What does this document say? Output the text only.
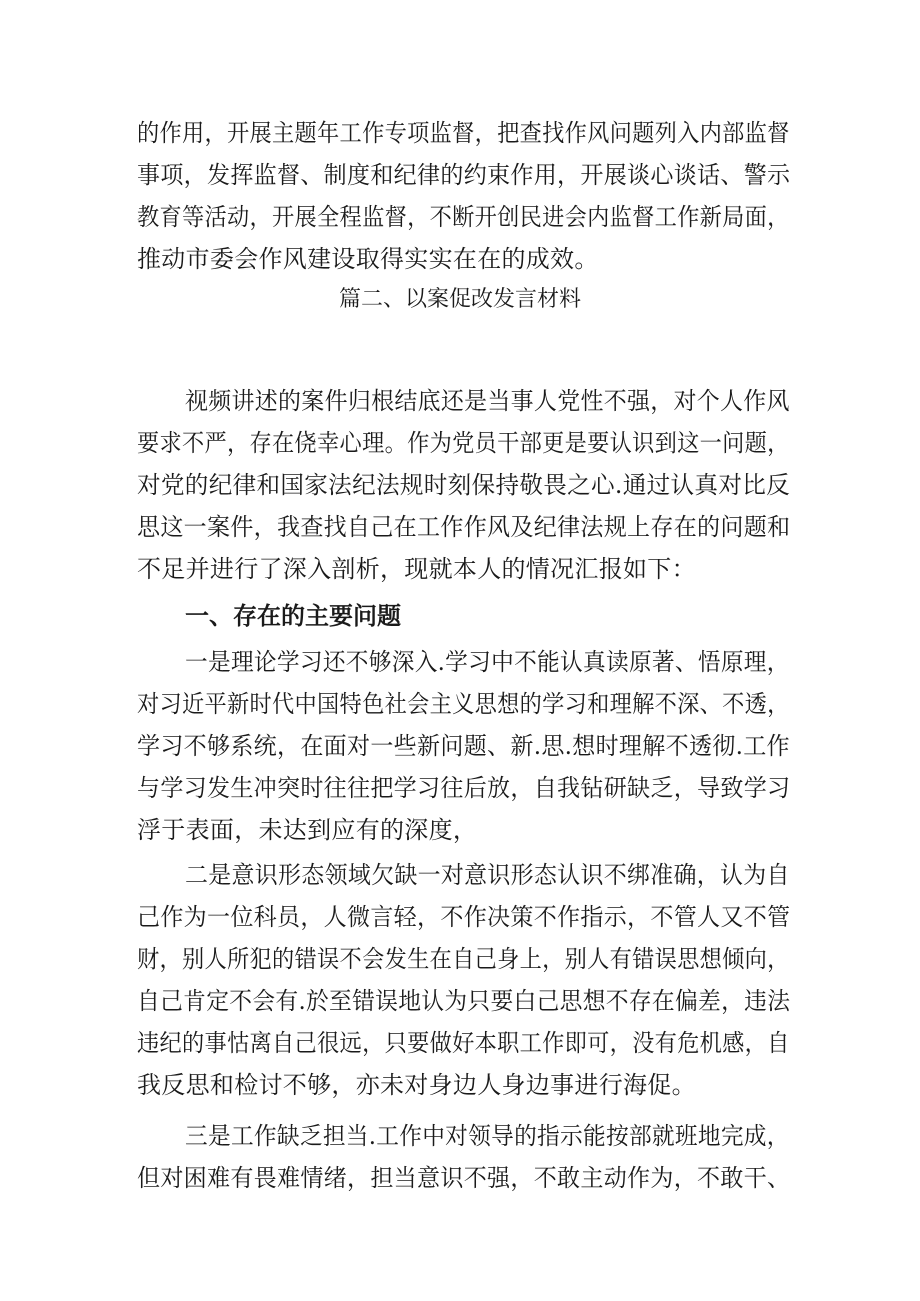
的作用，开展主题年工作专项监督，把查找作风问题列入内部监督
事项，发挥监督、制度和纪律的约束作用，开展谈心谈话、警示
教育等活动，开展全程监督，不断开创民进会内监督工作新局面，
推动市委会作风建设取得实实在在的成效。
篇二、以案促改发言材料
视频讲述的案件归根结底还是当事人党性不强，对个人作风
要求不严，存在侥幸心理。作为党员干部更是要认识到这一问题，
对党的纪律和国家法纪法规时刻保持敬畏之心.通过认真对比反
思这一案件，我查找自己在工作作风及纪律法规上存在的问题和
不足并进行了深入剖析，现就本人的情况汇报如下：
一、存在的主要问题
一是理论学习还不够深入.学习中不能认真读原著、悟原理，
对习近平新时代中国特色社会主义思想的学习和理解不深、不透，
学习不够系统，在面对一些新问题、新.思.想时理解不透彻.工作
与学习发生冲突时往往把学习往后放，自我钻研缺乏，导致学习
浮于表面，未达到应有的深度，
二是意识形态领域欠缺一对意识形态认识不绑准确，认为自
己作为一位科员，人微言轻，不作决策不作指示，不管人又不管
财，别人所犯的错误不会发生在自己身上，别人有错误思想倾向，
自己肯定不会有.於至错误地认为只要白己思想不存在偏差，违法
违纪的事怙离自己很远，只要做好本职工作即可，没有危机感，自
我反思和检讨不够，亦未对身边人身边事进行海促。
三是工作缺乏担当.工作中对领导的指示能按部就班地完成，
但对困难有畏难情绪，担当意识不强，不敢主动作为，不敢干、
